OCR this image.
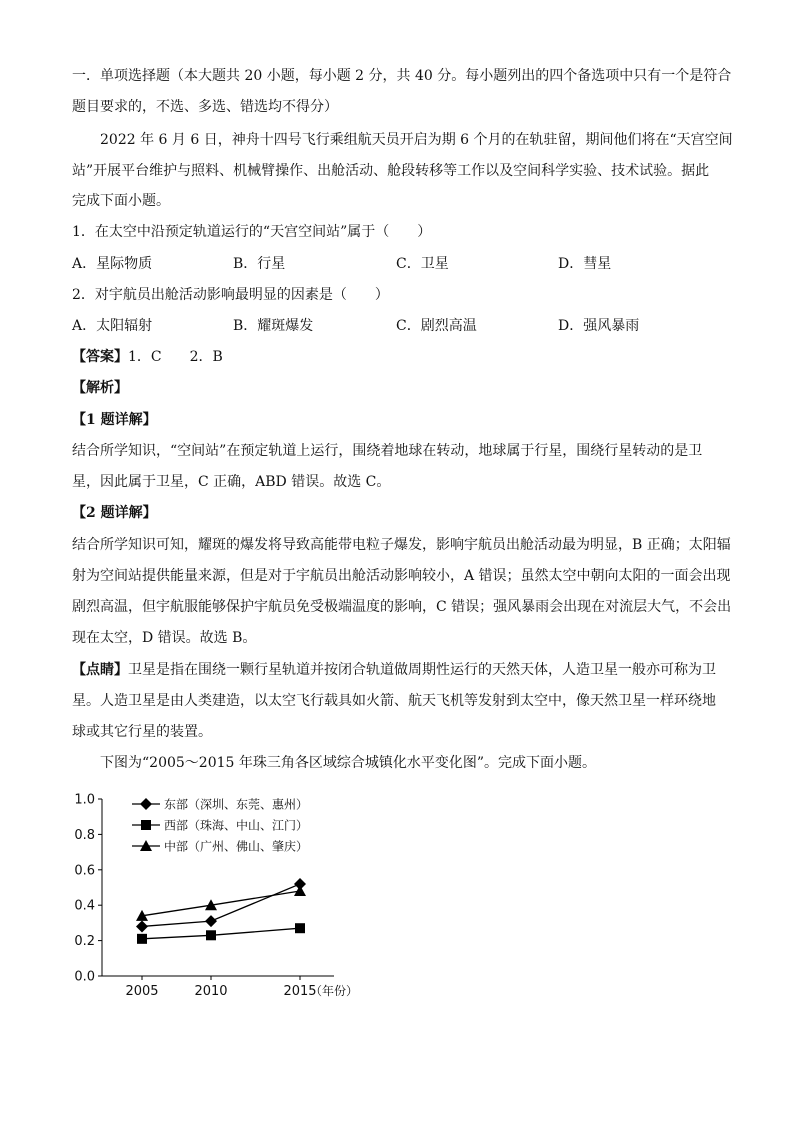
一．单项选择题（本大题共 20 小题，每小题 2 分，共 40 分。每小题列出的四个备选项中只有一个是符合
题目要求的，不选、多选、错选均不得分）
2022 年 6 月 6 日，神舟十四号飞行乘组航天员开启为期 6 个月的在轨驻留，期间他们将在“天宫空间
站”开展平台维护与照料、机械臂操作、出舱活动、舱段转移等工作以及空间科学实验、技术试验。据此
完成下面小题。
1．在太空中沿预定轨道运行的“天宫空间站”属于（　　）
A．星际物质	B．行星	C．卫星	D．彗星
2．对宇航员出舱活动影响最明显的因素是（　　）
A．太阳辐射	B．耀斑爆发	C．剧烈高温	D．强风暴雨
【答案】1．C　　2．B
【解析】
【1 题详解】
结合所学知识，“空间站”在预定轨道上运行，围绕着地球在转动，地球属于行星，围绕行星转动的是卫
星，因此属于卫星，C 正确，ABD 错误。故选 C。
【2 题详解】
结合所学知识可知，耀斑的爆发将导致高能带电粒子爆发，影响宇航员出舱活动最为明显，B 正确；太阳辐
射为空间站提供能量来源，但是对于宇航员出舱活动影响较小，A 错误；虽然太空中朝向太阳的一面会出现
剧烈高温，但宇航服能够保护宇航员免受极端温度的影响，C 错误；强风暴雨会出现在对流层大气，不会出
现在太空，D 错误。故选 B。
【点睛】卫星是指在围绕一颗行星轨道并按闭合轨道做周期性运行的天然天体，人造卫星一般亦可称为卫
星。人造卫星是由人类建造，以太空飞行载具如火箭、航天飞机等发射到太空中，像天然卫星一样环绕地
球或其它行星的装置。
下图为“2005～2015 年珠三角各区域综合城镇化水平变化图”。完成下面小题。
0.0
0.2
0.4
0.6
0.8
1.0
2005	2010	2015
（年份）
东部（深圳、东莞、惠州）
西部（珠海、中山、江门）
中部（广州、佛山、肇庆）
